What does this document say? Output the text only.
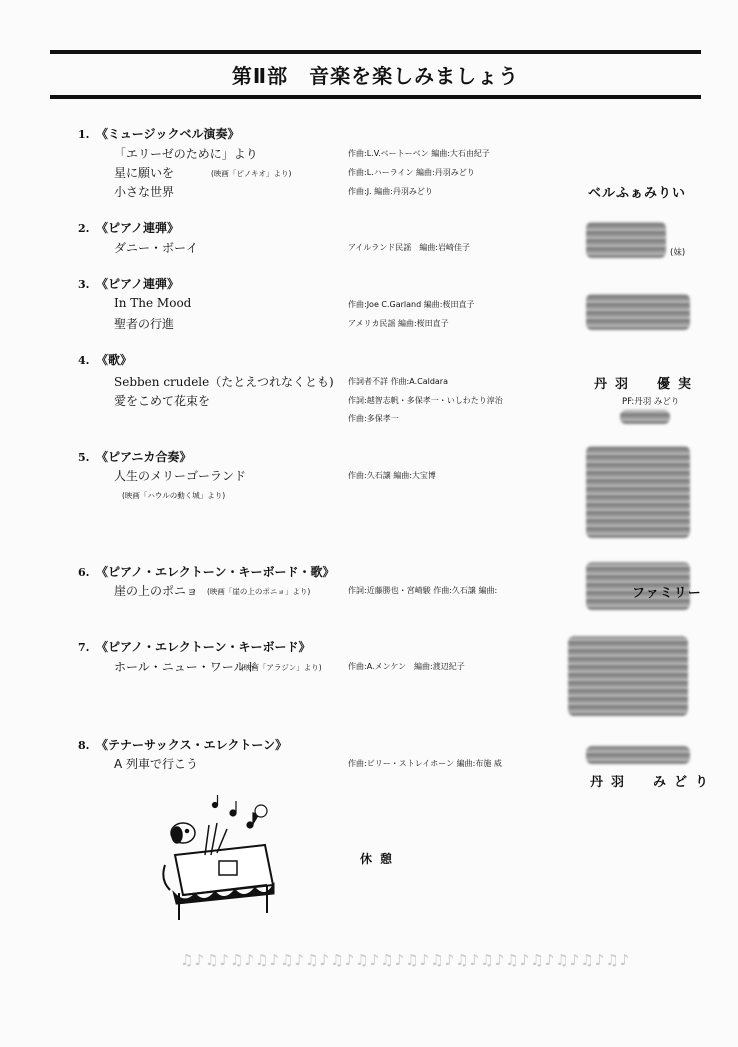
第Ⅱ部　音楽を楽しみましょう
1. 《ミュージックベル演奏》
「エリーゼのために」より	作曲:L.V.ベートーベン 編曲:大石由紀子
星に願いを	(映画「ピノキオ」より)	作曲:L.ハーライン 編曲:丹羽みどり
小さな世界	作曲:J. 編曲:丹羽みどり	ベルふぁみりい
2. 《ピアノ連弾》
ダニー・ボーイ	アイルランド民謡　編曲:岩崎佳子
(妹)
3. 《ピアノ連弾》
In The Mood	作曲:Joe C.Garland 編曲:桜田直子
聖者の行進	アメリカ民謡 編曲:桜田直子
4. 《歌》
Sebben crudele（たとえつれなくとも) 作詞者不詳 作曲:A.Caldara
愛をこめて花束を	作詞:越智志帆・多保孝一・いしわたり淳治
作曲:多保孝一
丹羽　優実
PF:丹羽 みどり
5. 《ピアニカ合奏》
人生のメリーゴーランド	作曲:久石譲 編曲:大宝博
(映画「ハウルの動く城」より)
6. 《ピアノ・エレクトーン・キーボード・歌》
崖の上のポニョ (映画「崖の上のポニョ」より)	作詞:近藤勝也・宮崎駿 作曲:久石譲 編曲:	ファミリー
7. 《ピアノ・エレクトーン・キーボード》
ホール・ニュー・ワールド
(映画「アラジン」より)	作曲:A.メンケン　編曲:渡辺紀子
8. 《テナーサックス・エレクトーン》
A 列車で行こう	作曲:ビリー・ストレイホーン 編曲:布施 威
丹羽　みどり
休憩
♫♪♫♪♫♪♫♪♫♪♫♪♫♪♫♪♫♪♫♪♫♪♫♪♫♪♫♪♫♪♫♪♫♪♫♪
